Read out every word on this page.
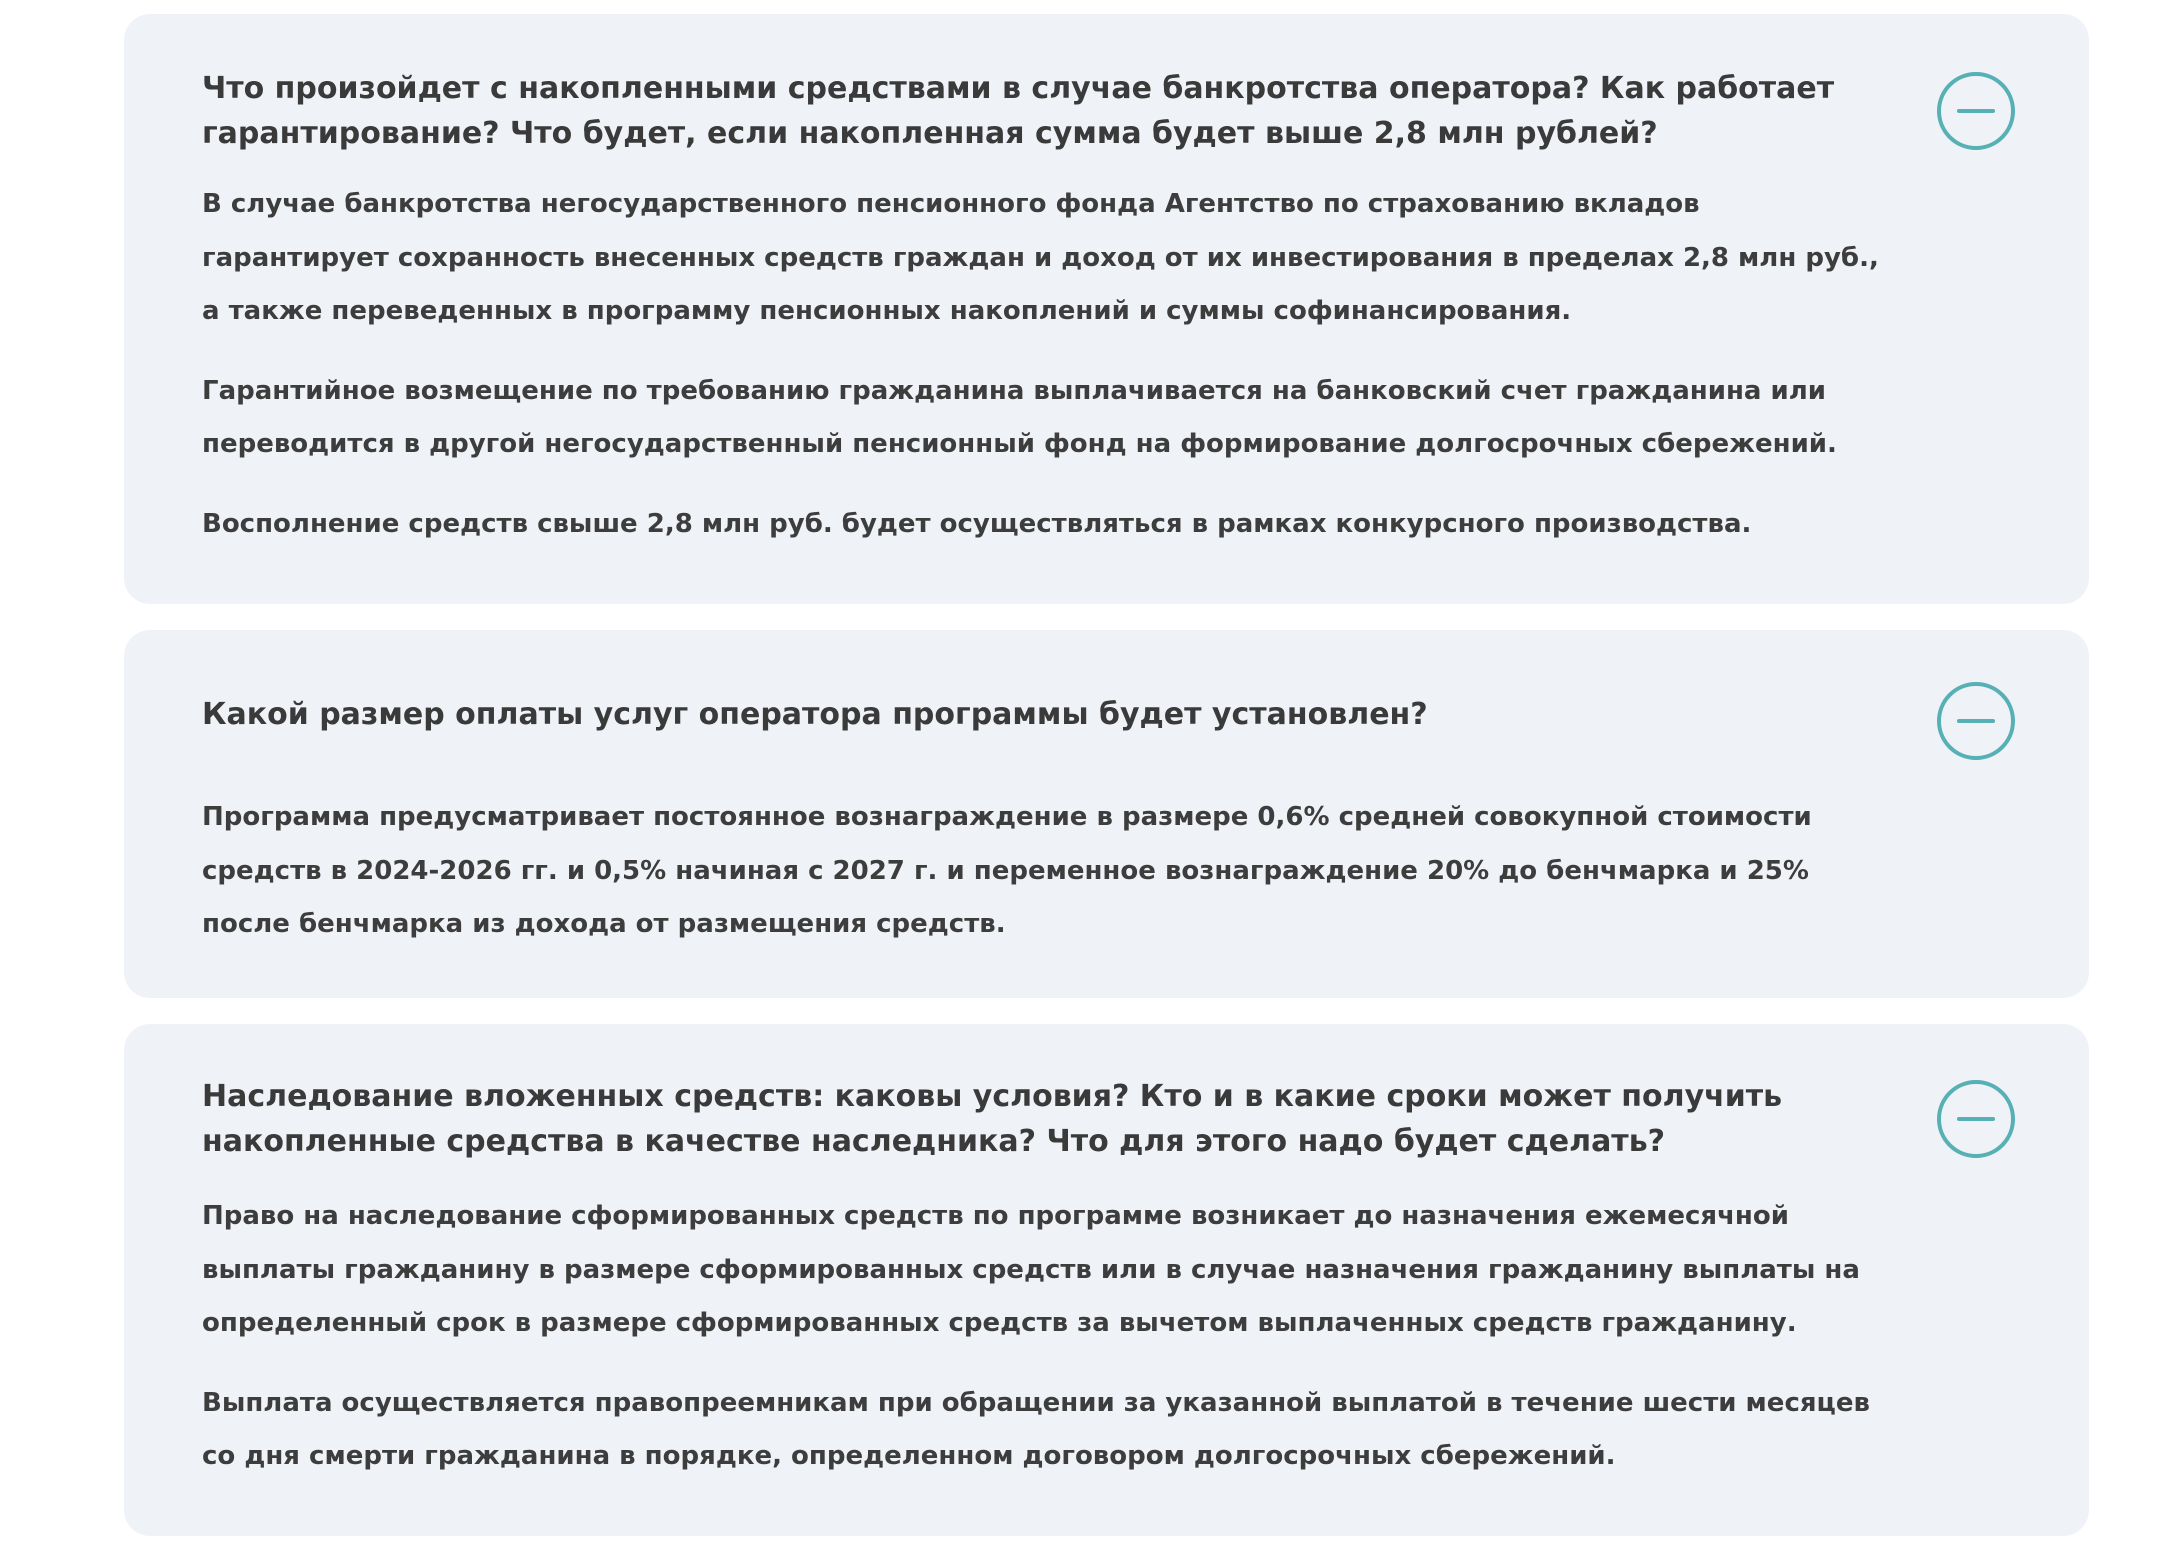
Что произойдет с накопленными средствами в случае банкротства оператора? Как работает гарантирование? Что будет, если накопленная сумма будет выше 2,8 млн рублей?

В случае банкротства негосударственного пенсионного фонда Агентство по страхованию вкладов гарантирует сохранность внесенных средств граждан и доход от их инвестирования в пределах 2,8 млн руб., а также переведенных в программу пенсионных накоплений и суммы софинансирования.

Гарантийное возмещение по требованию гражданина выплачивается на банковский счет гражданина или переводится в другой негосударственный пенсионный фонд на формирование долгосрочных сбережений.

Восполнение средств свыше 2,8 млн руб. будет осуществляться в рамках конкурсного производства.

Какой размер оплаты услуг оператора программы будет установлен?

Программа предусматривает постоянное вознаграждение в размере 0,6% средней совокупной стоимости средств в 2024-2026 гг. и 0,5% начиная с 2027 г. и переменное вознаграждение 20% до бенчмарка и 25% после бенчмарка из дохода от размещения средств.

Наследование вложенных средств: каковы условия? Кто и в какие сроки может получить накопленные средства в качестве наследника? Что для этого надо будет сделать?

Право на наследование сформированных средств по программе возникает до назначения ежемесячной выплаты гражданину в размере сформированных средств или в случае назначения гражданину выплаты на определенный срок в размере сформированных средств за вычетом выплаченных средств гражданину.

Выплата осуществляется правопреемникам при обращении за указанной выплатой в течение шести месяцев со дня смерти гражданина в порядке, определенном договором долгосрочных сбережений.
